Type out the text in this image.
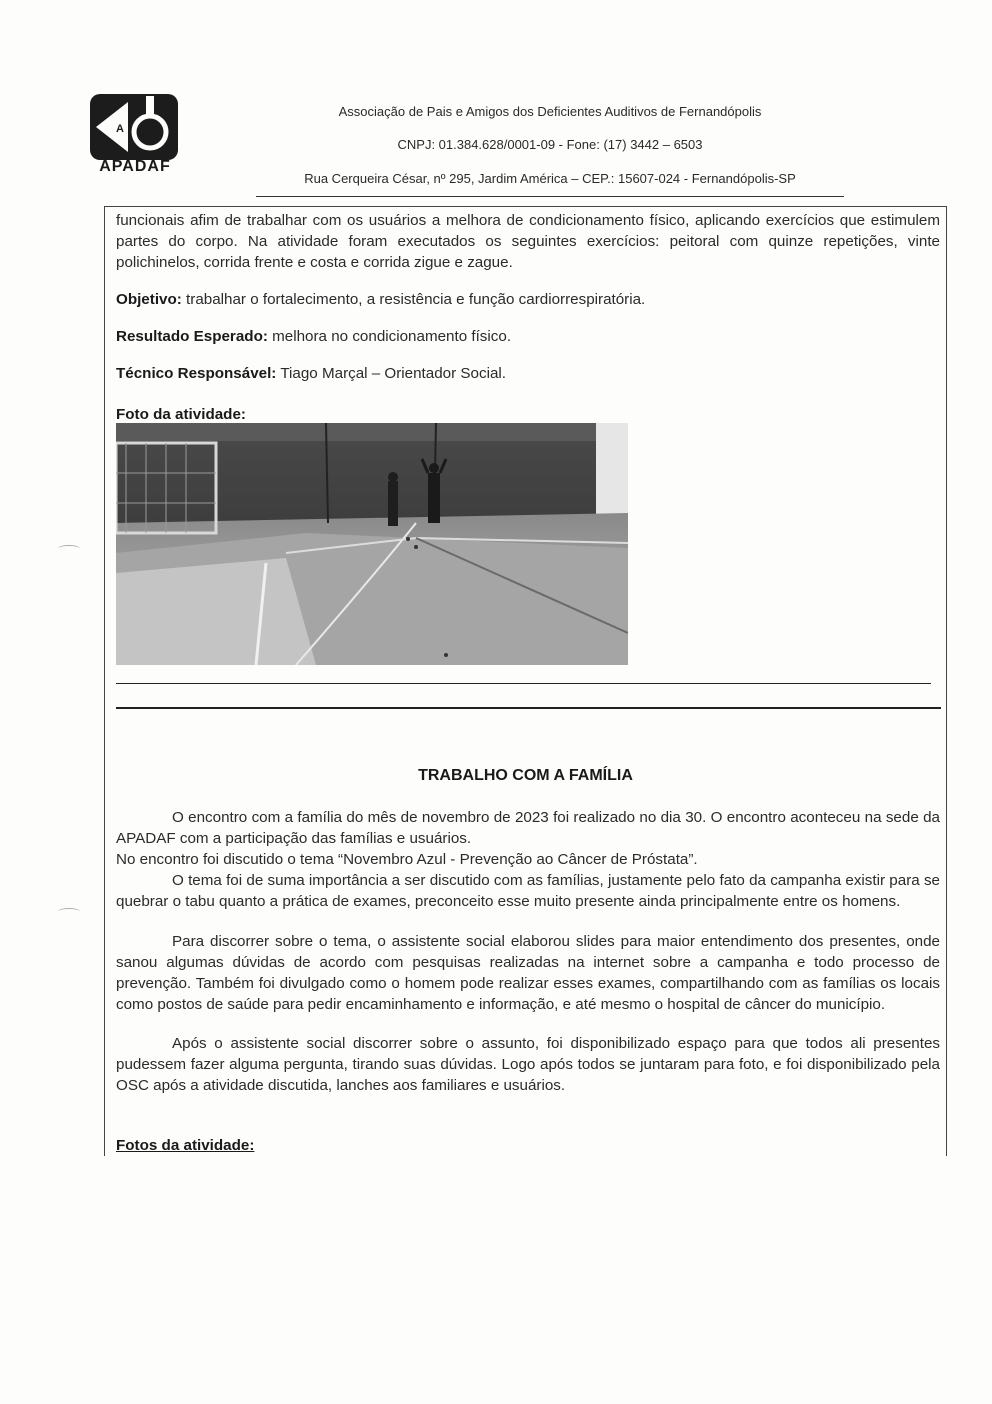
A
APADAF
Associação de Pais e Amigos dos Deficientes Auditivos de Fernandópolis
CNPJ: 01.384.628/0001-09 - Fone: (17) 3442 – 6503
Rua Cerqueira César, nº 295, Jardim América – CEP.: 15607-024 - Fernandópolis-SP
funcionais afim de trabalhar com os usuários a melhora de condicionamento físico, aplicando exercícios que estimulem partes do corpo. Na atividade foram executados os seguintes exercícios: peitoral com quinze repetições, vinte polichinelos, corrida frente e costa e corrida zigue e zague.
Objetivo: trabalhar o fortalecimento, a resistência e função cardiorrespiratória.
Resultado Esperado: melhora no condicionamento físico.
Técnico Responsável: Tiago Marçal – Orientador Social.
Foto da atividade:
TRABALHO COM A FAMÍLIA
O encontro com a família do mês de novembro de 2023 foi realizado no dia 30. O encontro aconteceu na sede da APADAF com a participação das famílias e usuários.
No encontro foi discutido o tema “Novembro Azul - Prevenção ao Câncer de Próstata”.
O tema foi de suma importância a ser discutido com as famílias, justamente pelo fato da campanha existir para se quebrar o tabu quanto a prática de exames, preconceito esse muito presente ainda principalmente entre os homens.
Para discorrer sobre o tema, o assistente social elaborou slides para maior entendimento dos presentes, onde sanou algumas dúvidas de acordo com pesquisas realizadas na internet sobre a campanha e todo processo de prevenção. Também foi divulgado como o homem pode realizar esses exames, compartilhando com as famílias os locais como postos de saúde para pedir encaminhamento e informação, e até mesmo o hospital de câncer do município.
Após o assistente social discorrer sobre o assunto, foi disponibilizado espaço para que todos ali presentes pudessem fazer alguma pergunta, tirando suas dúvidas. Logo após todos se juntaram para foto, e foi disponibilizado pela OSC após a atividade discutida, lanches aos familiares e usuários.
Fotos da atividade:
